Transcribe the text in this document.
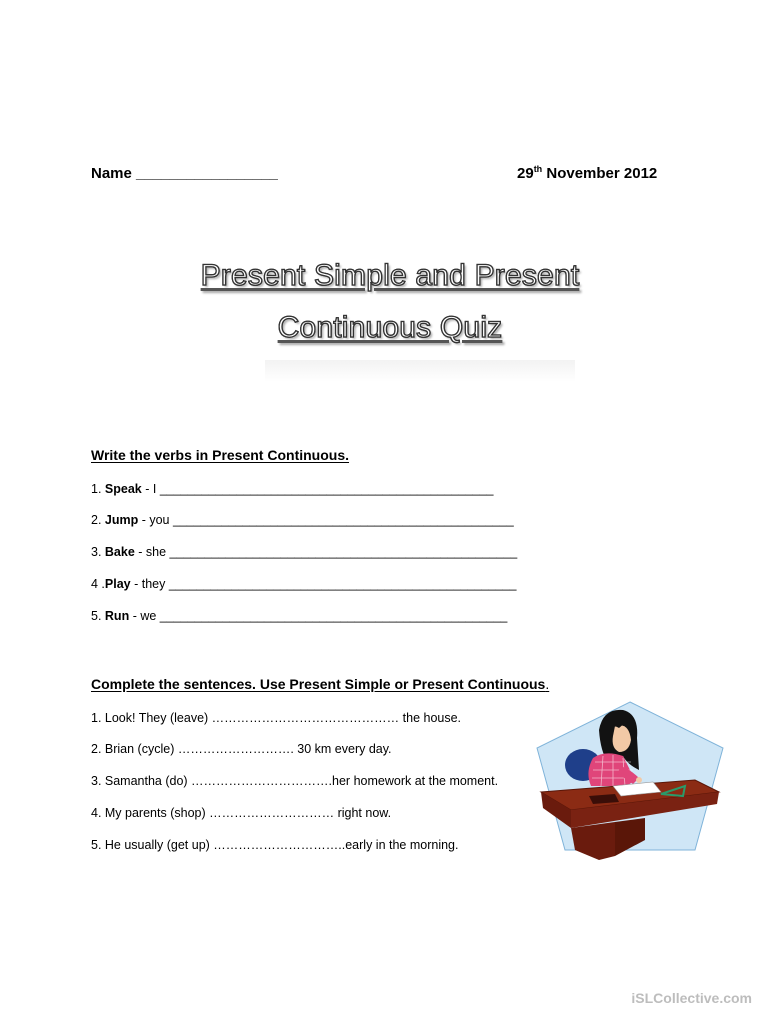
Name _________________	29th November 2012
Present Simple and Present
Continuous Quiz
Write the verbs in Present Continuous.
1. Speak - I ________________________________________________
2. Jump - you _________________________________________________
3. Bake - she __________________________________________________
4 .Play - they __________________________________________________
5. Run - we __________________________________________________
Complete the sentences. Use Present Simple or Present Continuous.
1. Look! They (leave) ……………………………………… the house.
2. Brian (cycle) ………………………. 30 km every day.
3. Samantha (do) …………………………….her homework at the moment.
4. My parents (shop) ………………………… right now.
5. He usually (get up) …………………………..early in the morning.
iSLCollective.com
